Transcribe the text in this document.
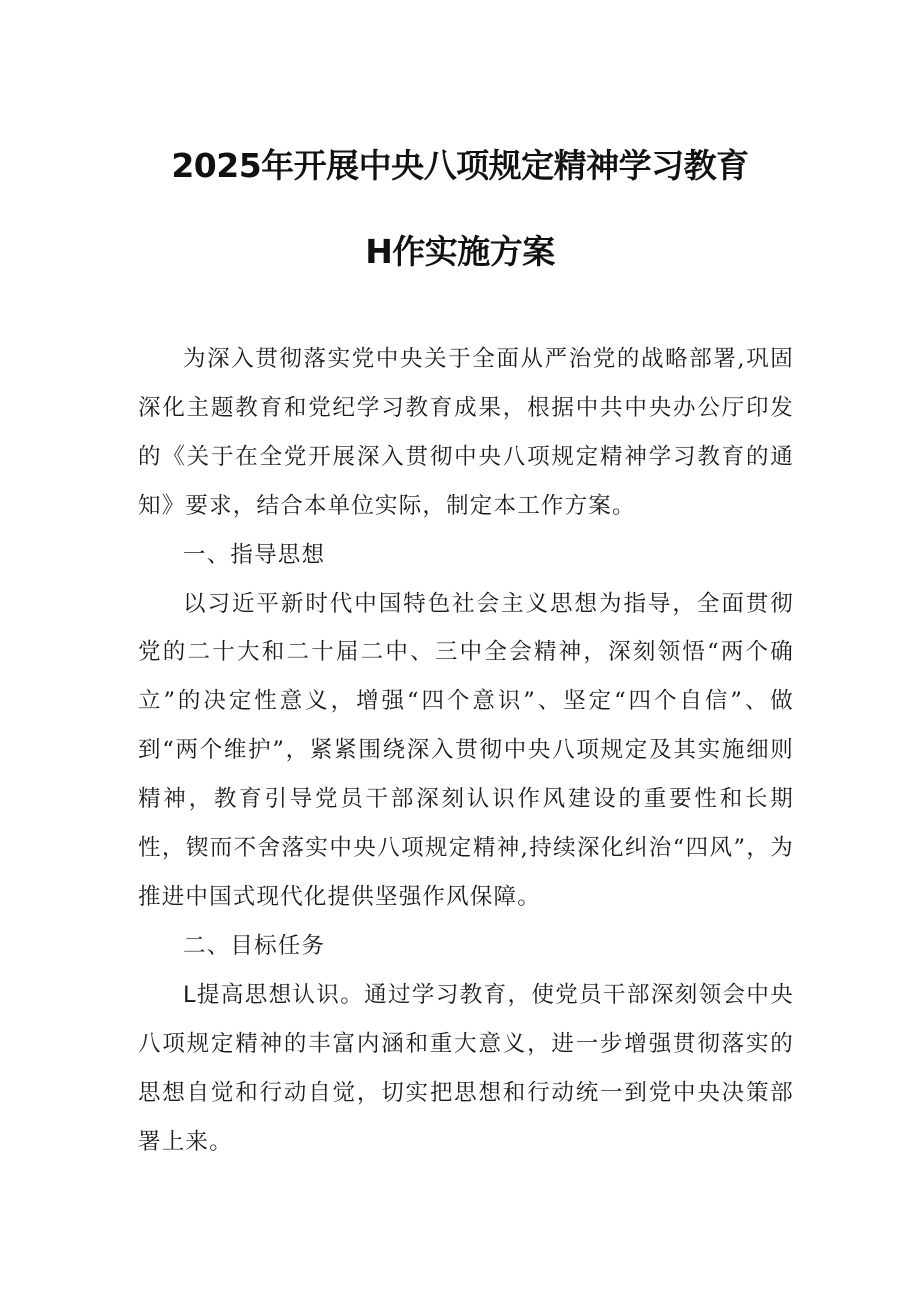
2025年开展中央八项规定精神学习教育
H作实施方案

为深入贯彻落实党中央关于全面从严治党的战略部署,巩固深化主题教育和党纪学习教育成果，根据中共中央办公厅印发的《关于在全党开展深入贯彻中央八项规定精神学习教育的通知》要求，结合本单位实际，制定本工作方案。

一、指导思想

以习近平新时代中国特色社会主义思想为指导，全面贯彻党的二十大和二十届二中、三中全会精神，深刻领悟“两个确立”的决定性意义，增强“四个意识”、坚定“四个自信”、做到“两个维护”，紧紧围绕深入贯彻中央八项规定及其实施细则精神，教育引导党员干部深刻认识作风建设的重要性和长期性，锲而不舍落实中央八项规定精神,持续深化纠治“四风”，为推进中国式现代化提供坚强作风保障。

二、目标任务

L提高思想认识。通过学习教育，使党员干部深刻领会中央八项规定精神的丰富内涵和重大意义，进一步增强贯彻落实的思想自觉和行动自觉，切实把思想和行动统一到党中央决策部署上来。
